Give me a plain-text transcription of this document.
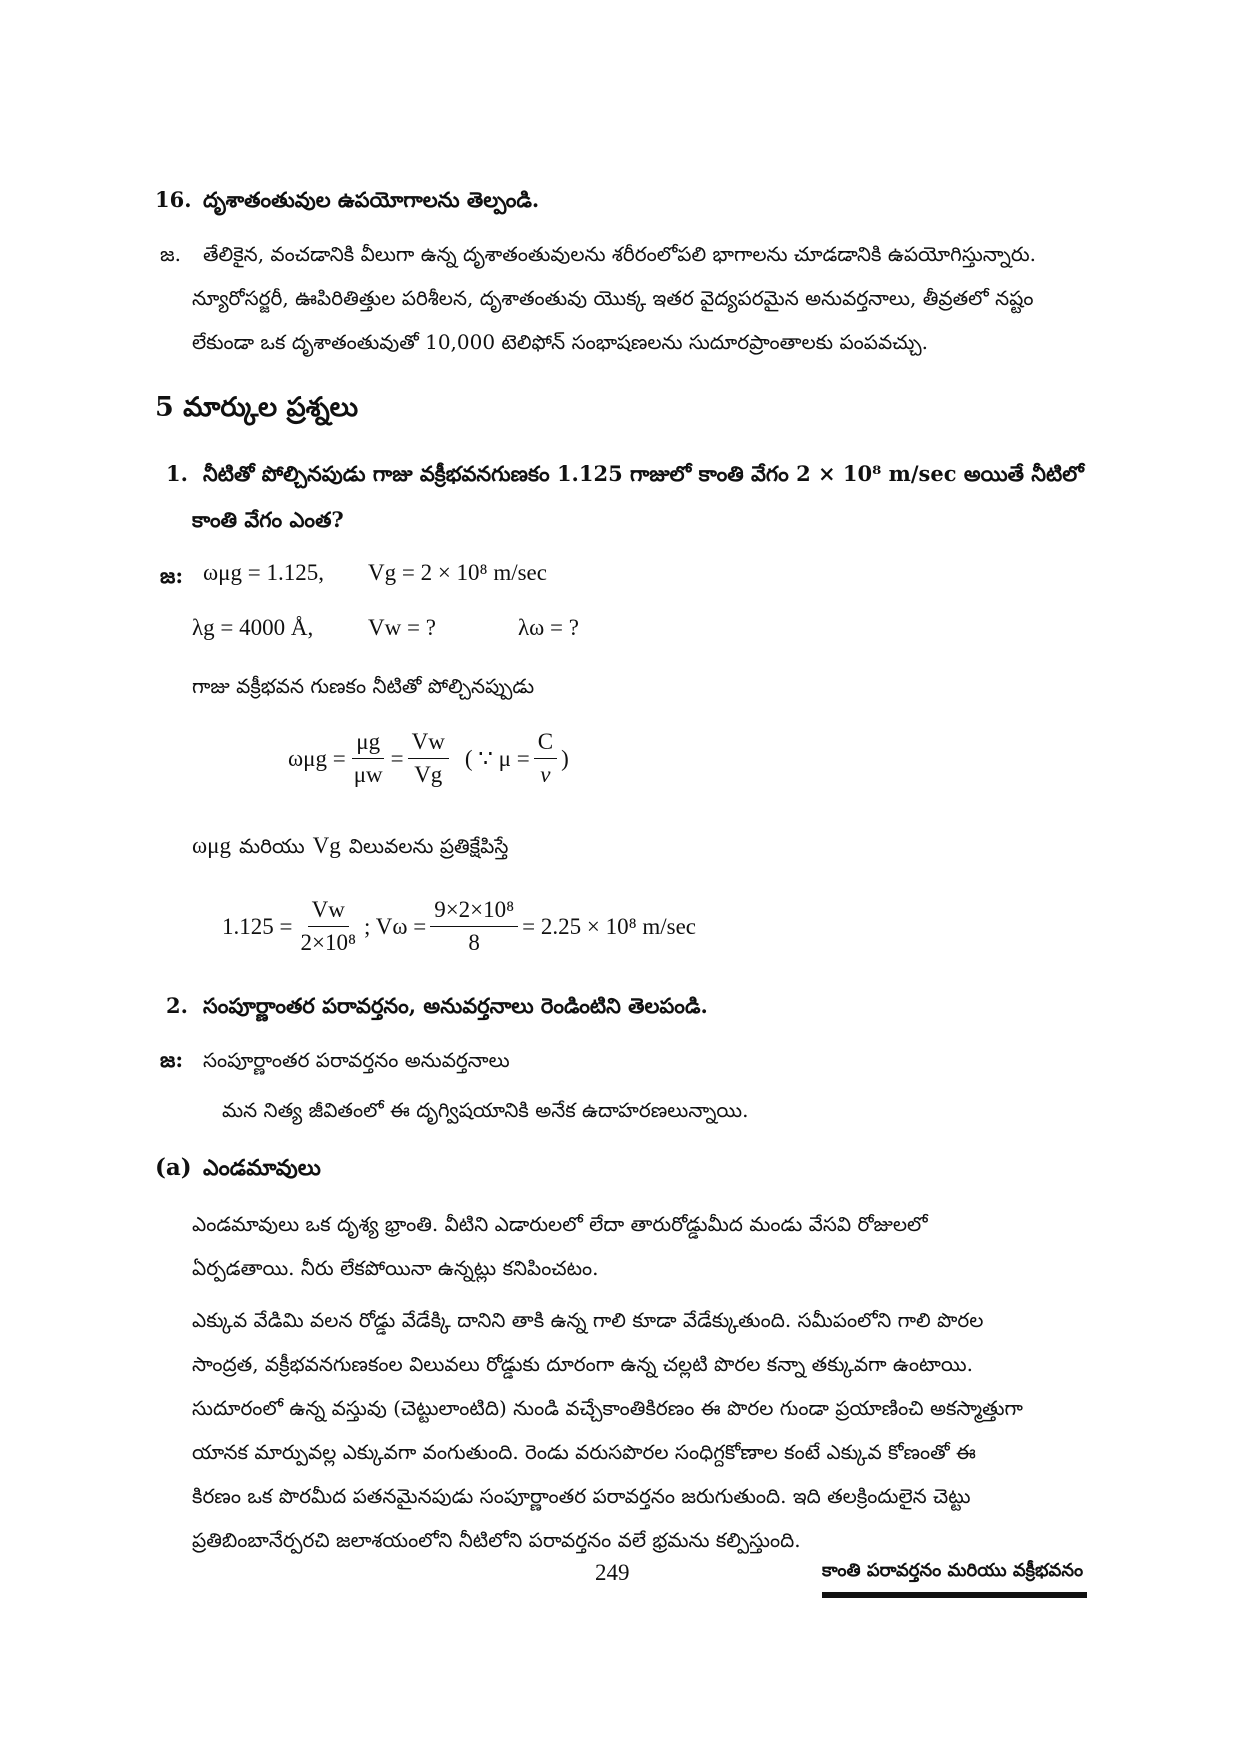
16. దృశాతంతువుల ఉపయోగాలను తెల్పండి.
జ. తేలికైన, వంచడానికి వీలుగా ఉన్న దృశాతంతువులను శరీరంలోపలి భాగాలను చూడడానికి ఉపయోగిస్తున్నారు.
న్యూరోసర్జరీ, ఊపిరితిత్తుల పరిశీలన, దృశాతంతువు యొక్క ఇతర వైద్యపరమైన అనువర్తనాలు, తీవ్రతలో నష్టం
లేకుండా ఒక దృశాతంతువుతో 10,000 టెలిఫోన్ సంభాషణలను సుదూరప్రాంతాలకు పంపవచ్చు.
5 మార్కుల ప్రశ్నలు
1. నీటితో పోల్చినపుడు గాజు వక్రీభవనగుణకం 1.125 గాజులో కాంతి వేగం 2 × 10⁸ m/sec అయితే నీటిలో
కాంతి వేగం ఎంత?
జ: ωμg = 1.125, Vg = 2 × 10⁸ m/sec
λg = 4000 Å, Vw = ?	λω = ?
గాజు వక్రీభవన గుణకం నీటితో పోల్చినప్పుడు
$\omega\mu g = \frac{\mu g}{\mu w} = \frac{Vw}{Vg}$ ( ∵ $\mu = \frac{C}{v}$ )
ωμg మరియు Vg విలువలను ప్రతిక్షేపిస్తే
$1.125 = \frac{Vw}{\text{2×10⁸}}$ ; $V\omega = \frac{\text{9×2×10⁸}}{8} = 2.25 \times 10^8$ m/sec
2. సంపూర్ణాంతర పరావర్తనం, అనువర్తనాలు రెండింటిని తెలపండి.
జ: సంపూర్ణాంతర పరావర్తనం అనువర్తనాలు
మన నిత్య జీవితంలో ఈ దృగ్విషయానికి అనేక ఉదాహరణలున్నాయి.
(a) ఎండమావులు
ఎండమావులు ఒక దృశ్య భ్రాంతి. వీటిని ఎడారులలో లేదా తారురోడ్డుమీద మండు వేసవి రోజులలో
ఏర్పడతాయి. నీరు లేకపోయినా ఉన్నట్లు కనిపించటం.
ఎక్కువ వేడిమి వలన రోడ్డు వేడేక్కి దానిని తాకి ఉన్న గాలి కూడా వేడేక్కుతుంది. సమీపంలోని గాలి పొరల
సాంద్రత, వక్రీభవనగుణకంల విలువలు రోడ్డుకు దూరంగా ఉన్న చల్లటి పొరల కన్నా తక్కువగా ఉంటాయి.
సుదూరంలో ఉన్న వస్తువు (చెట్టులాంటిది) నుండి వచ్చేకాంతికిరణం ఈ పొరల గుండా ప్రయాణించి అకస్మాత్తుగా
యానక మార్పువల్ల ఎక్కువగా వంగుతుంది. రెండు వరుసపొరల సంధిగ్దకోణాల కంటే ఎక్కువ కోణంతో ఈ
కిరణం ఒక పొరమీద పతనమైనపుడు సంపూర్ణాంతర పరావర్తనం జరుగుతుంది. ఇది తలక్రిందులైన చెట్టు
ప్రతిబింబానేర్పరచి జలాశయంలోని నీటిలోని పరావర్తనం వలే భ్రమను కల్పిస్తుంది.
249	కాంతి పరావర్తనం మరియు వక్రీభవనం
